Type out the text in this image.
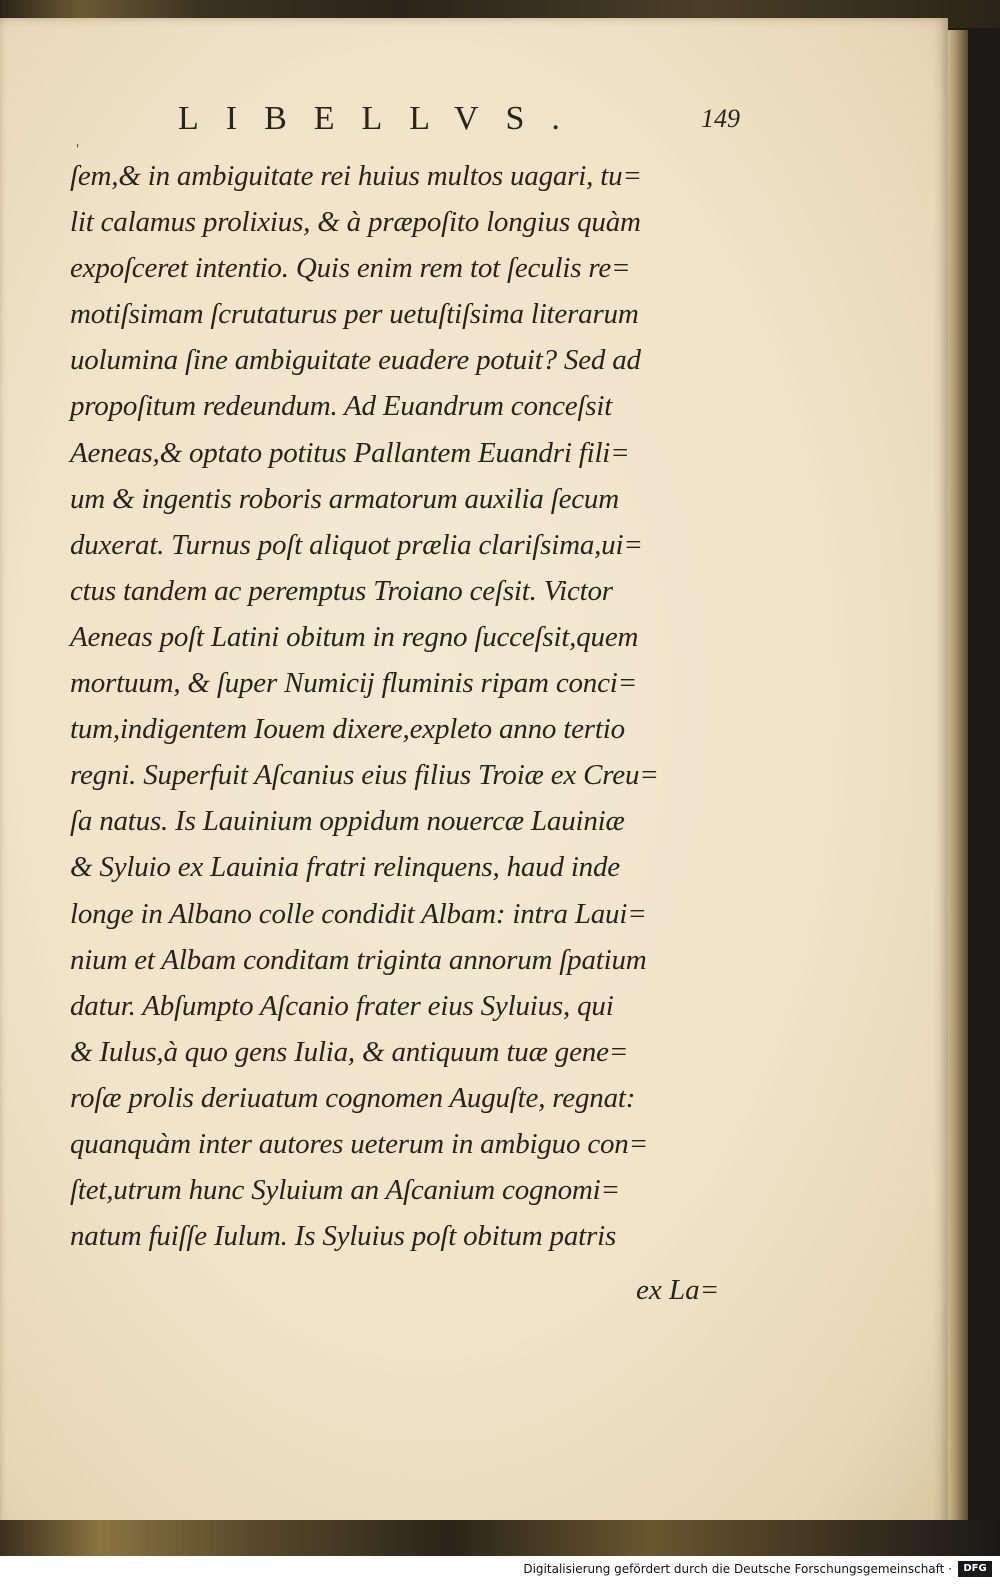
LIBELLVS.	149
'
ſem,& in ambiguitate rei huius multos uagari, tu=
lit calamus prolixius, & à præpoſito longius quàm
expoſceret intentio. Quis enim rem tot ſeculis re=
motiſsimam ſcrutaturus per uetuſtiſsima literarum
uolumina ſine ambiguitate euadere potuit? Sed ad
propoſitum redeundum. Ad Euandrum conceſsit
Aeneas,& optato potitus Pallantem Euandri fili=
um & ingentis roboris armatorum auxilia ſecum
duxerat. Turnus poſt aliquot prælia clariſsima,ui=
ctus tandem ac peremptus Troiano ceſsit. Victor
Aeneas poſt Latini obitum in regno ſucceſsit,quem
mortuum, & ſuper Numicij fluminis ripam conci=
tum,indigentem Iouem dixere,expleto anno tertio
regni. Superfuit Aſcanius eius filius Troiæ ex Creu=
ſa natus. Is Lauinium oppidum nouercæ Lauiniæ
& Syluio ex Lauinia fratri relinquens, haud inde
longe in Albano colle condidit Albam: intra Laui=
nium et Albam conditam triginta annorum ſpatium
datur. Abſumpto Aſcanio frater eius Syluius, qui
& Iulus,à quo gens Iulia, & antiquum tuæ gene=
roſæ prolis deriuatum cognomen Auguſte, regnat:
quanquàm inter autores ueterum in ambiguo con=
ſtet,utrum hunc Syluium an Aſcanium cognomi=
natum fuiſſe Iulum. Is Syluius poſt obitum patris
ex La=
Digitalisierung gefördert durch die Deutsche Forschungsgemeinschaft ·	DFG
